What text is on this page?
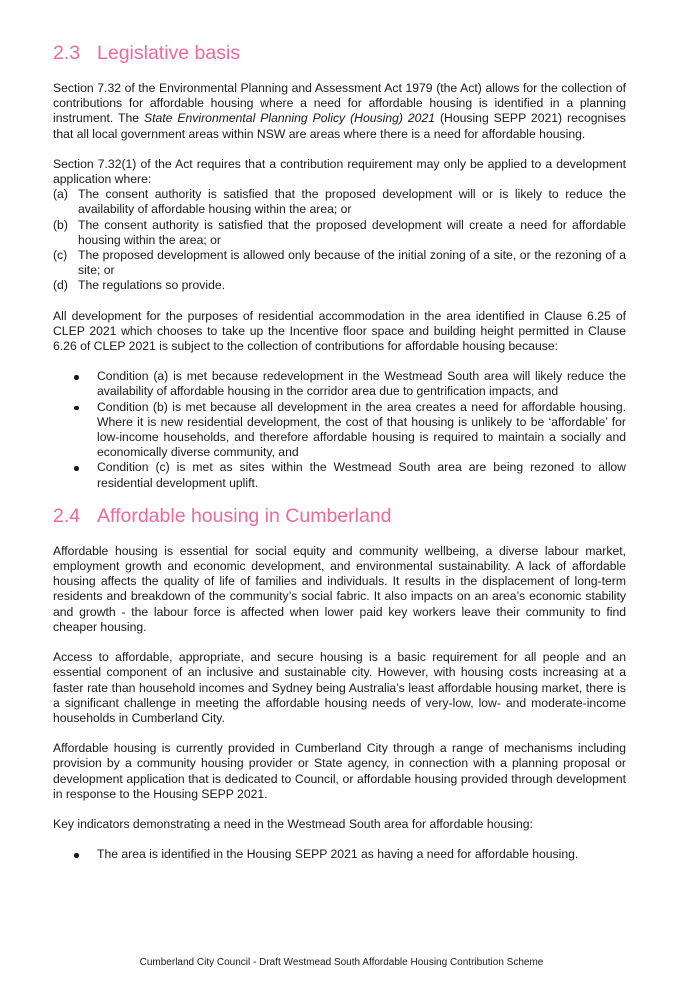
2.3 Legislative basis

Section 7.32 of the Environmental Planning and Assessment Act 1979 (the Act) allows for the collection of contributions for affordable housing where a need for affordable housing is identified in a planning instrument. The State Environmental Planning Policy (Housing) 2021 (Housing SEPP 2021) recognises that all local government areas within NSW are areas where there is a need for affordable housing.

Section 7.32(1) of the Act requires that a contribution requirement may only be applied to a development application where:

(a) The consent authority is satisfied that the proposed development will or is likely to reduce the availability of affordable housing within the area; or
(b) The consent authority is satisfied that the proposed development will create a need for affordable housing within the area; or
(c) The proposed development is allowed only because of the initial zoning of a site, or the rezoning of a site; or
(d) The regulations so provide.

All development for the purposes of residential accommodation in the area identified in Clause 6.25 of CLEP 2021 which chooses to take up the Incentive floor space and building height permitted in Clause 6.26 of CLEP 2021 is subject to the collection of contributions for affordable housing because:

Condition (a) is met because redevelopment in the Westmead South area will likely reduce the availability of affordable housing in the corridor area due to gentrification impacts, and
Condition (b) is met because all development in the area creates a need for affordable housing. Where it is new residential development, the cost of that housing is unlikely to be ‘affordable’ for low-income households, and therefore affordable housing is required to maintain a socially and economically diverse community, and
Condition (c) is met as sites within the Westmead South area are being rezoned to allow residential development uplift.
2.4 Affordable housing in Cumberland

Affordable housing is essential for social equity and community wellbeing, a diverse labour market, employment growth and economic development, and environmental sustainability. A lack of affordable housing affects the quality of life of families and individuals. It results in the displacement of long-term residents and breakdown of the community’s social fabric. It also impacts on an area’s economic stability and growth - the labour force is affected when lower paid key workers leave their community to find cheaper housing.

Access to affordable, appropriate, and secure housing is a basic requirement for all people and an essential component of an inclusive and sustainable city. However, with housing costs increasing at a faster rate than household incomes and Sydney being Australia’s least affordable housing market, there is a significant challenge in meeting the affordable housing needs of very-low, low- and moderate-income households in Cumberland City.

Affordable housing is currently provided in Cumberland City through a range of mechanisms including provision by a community housing provider or State agency, in connection with a planning proposal or development application that is dedicated to Council, or affordable housing provided through development in response to the Housing SEPP 2021.

Key indicators demonstrating a need in the Westmead South area for affordable housing:

The area is identified in the Housing SEPP 2021 as having a need for affordable housing.
Cumberland City Council - Draft Westmead South Affordable Housing Contribution Scheme
